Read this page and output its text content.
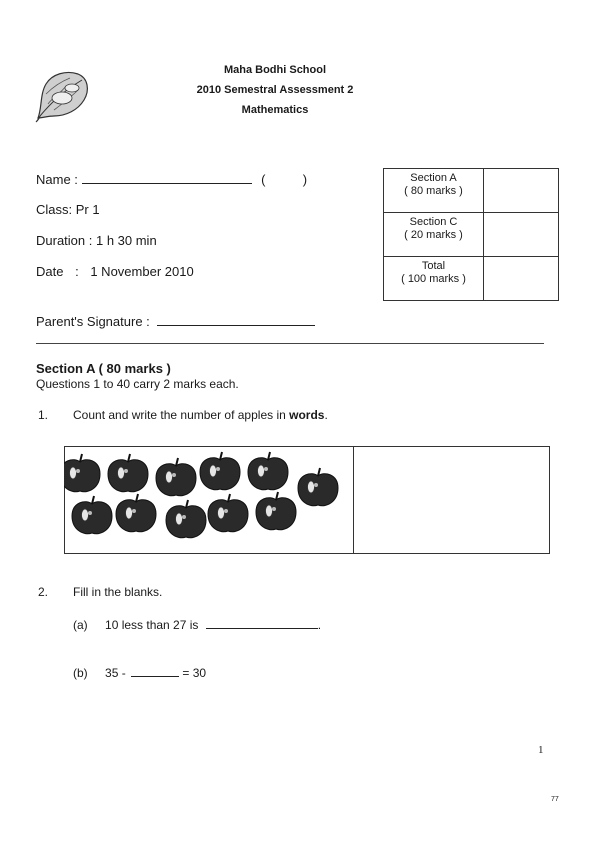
Maha Bodhi School
2010 Semestral Assessment 2
Mathematics
Name :	(	)
Class: Pr 1
Duration : 1 h 30 min
Date : 1 November 2010
Parent's Signature :
Section A
( 80 marks )	
Section C
( 20 marks )	
Total
( 100 marks )	
Section A ( 80 marks )
Questions 1 to 40 carry 2 marks each.
1. Count and write the number of apples in words.
2. Fill in the blanks.
(a) 10 less than 27 is	.
(b) 35 -	= 30
1
77
